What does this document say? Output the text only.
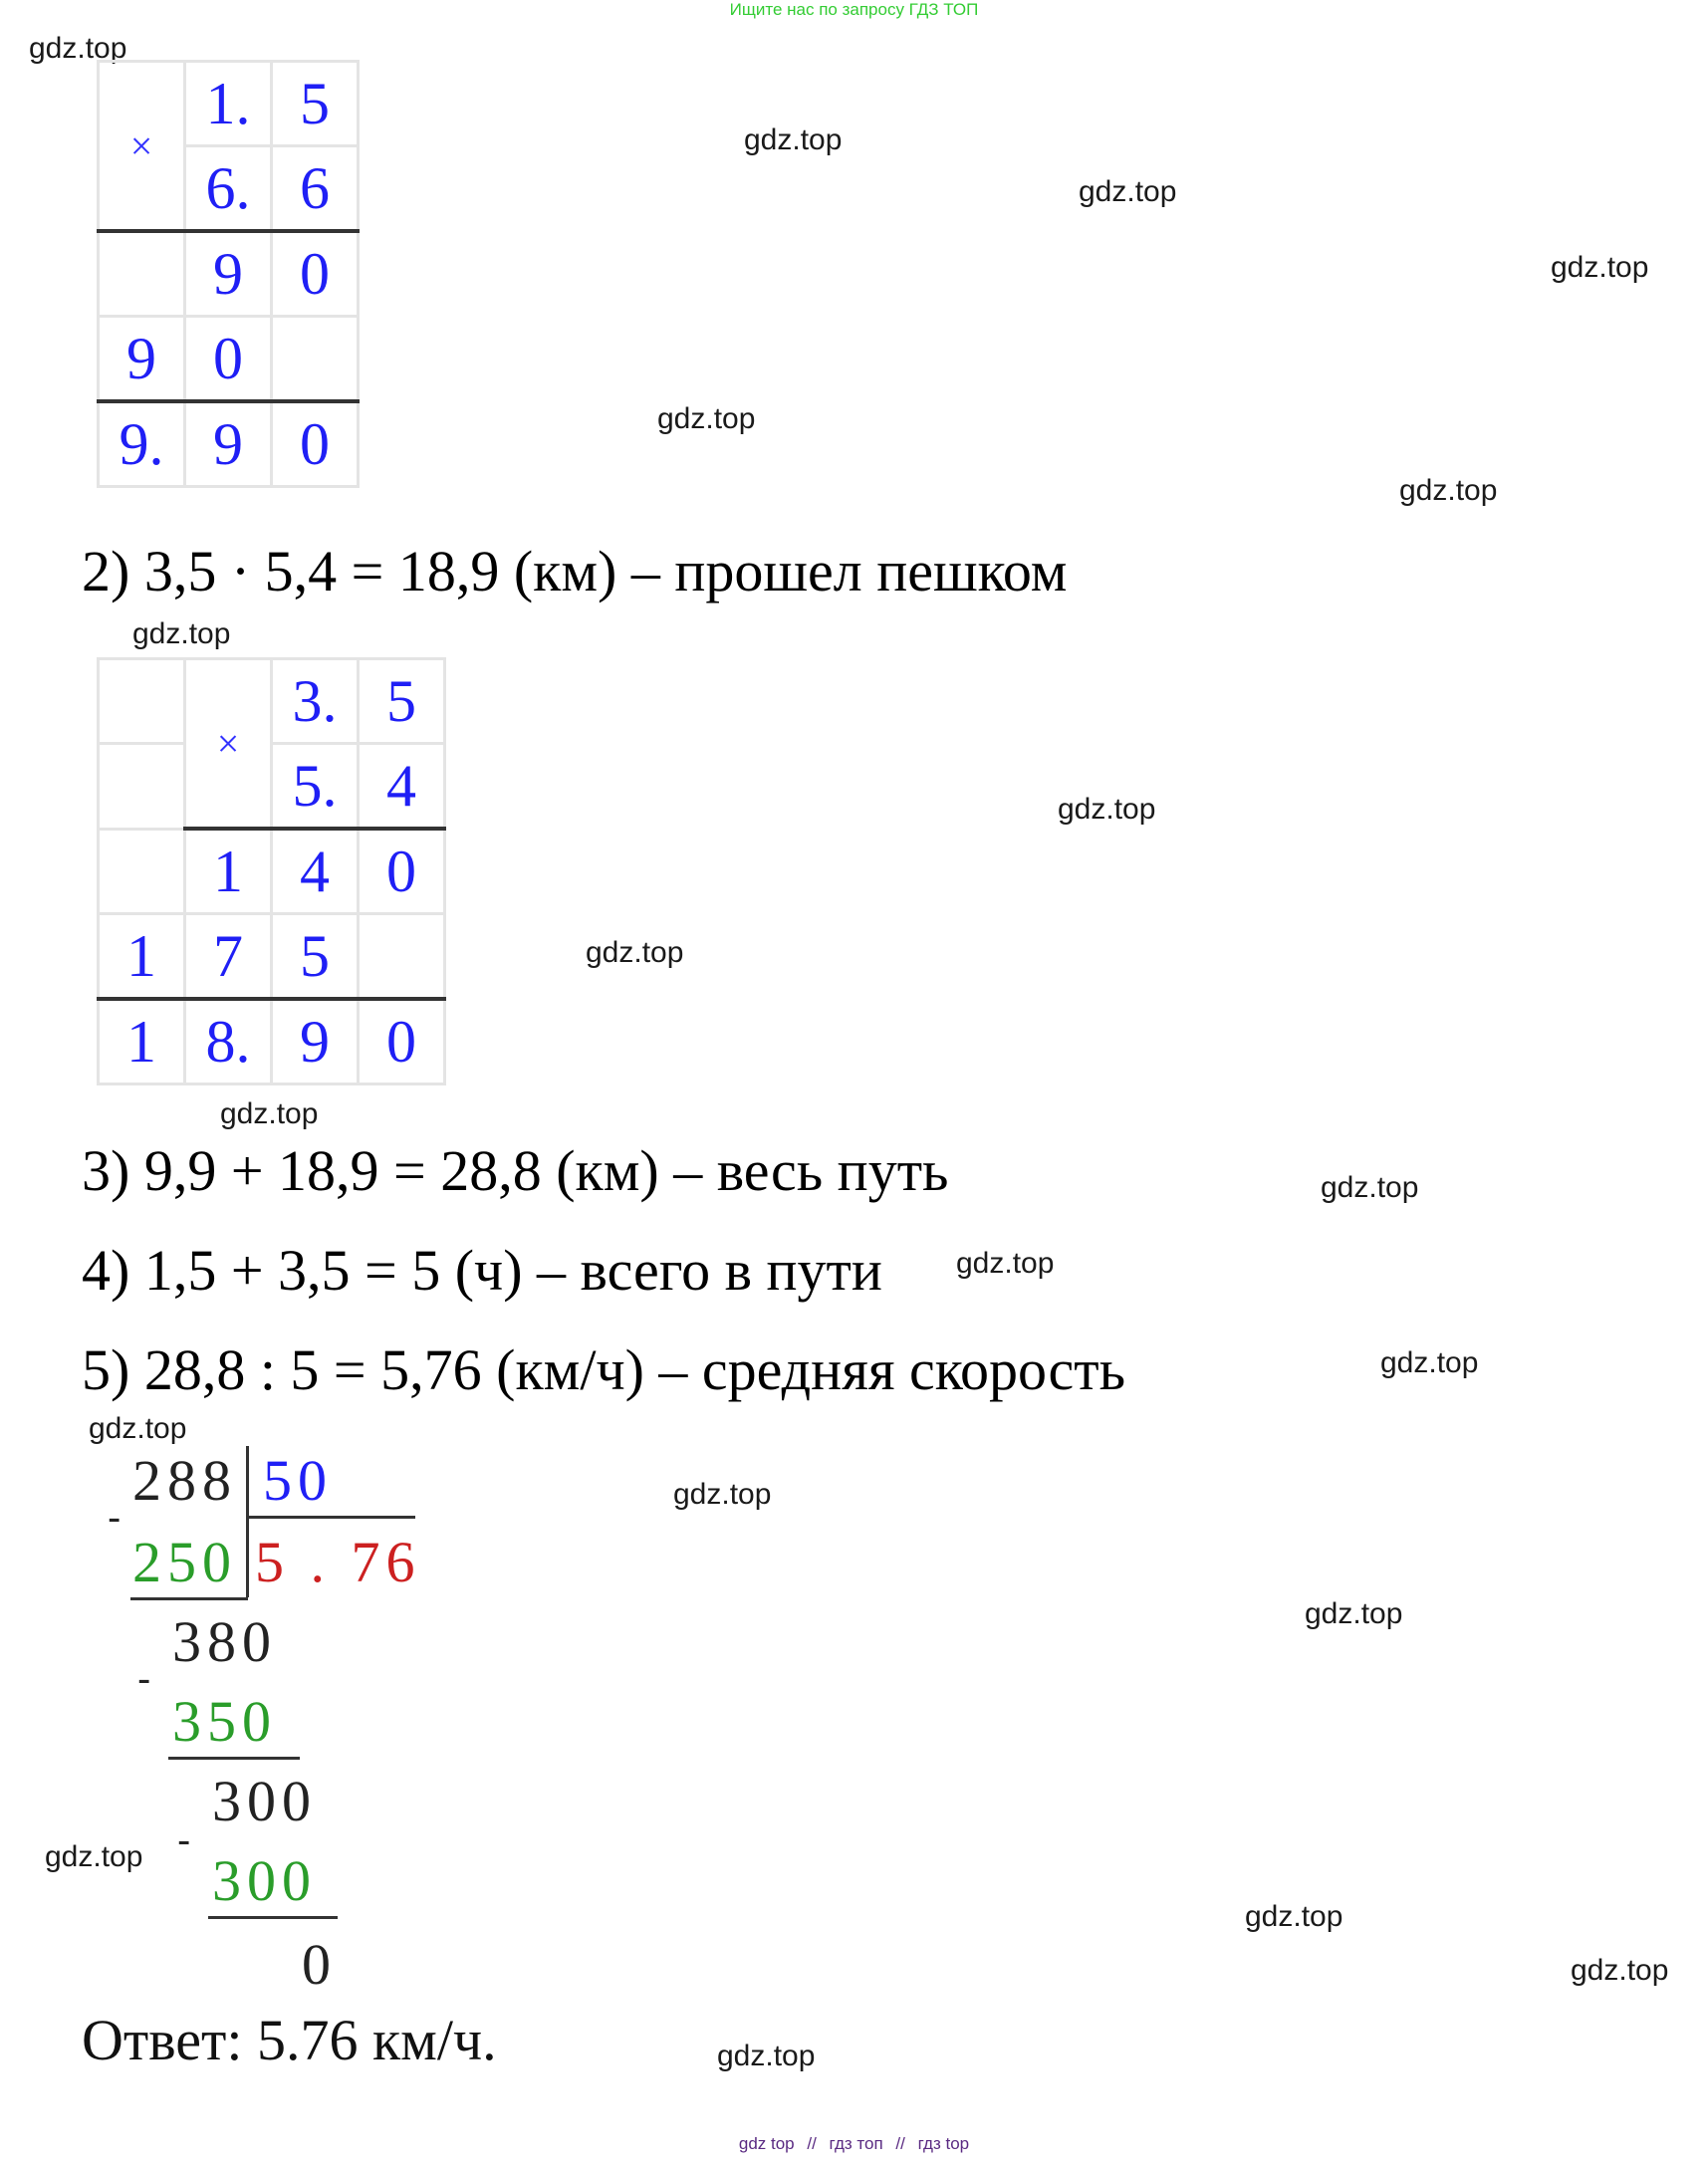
Ищите нас по запросу ГДЗ ТОП
gdz.top
gdz.top
gdz.top
gdz.top
gdz.top
gdz.top
gdz.top
gdz.top
gdz.top
gdz.top
gdz.top
gdz.top
gdz.top
gdz.top
gdz.top
gdz.top
gdz.top
gdz.top
gdz.top
gdz.top
×	1.	5
	6.	6
	9	0
9	0	
9.	9	0
2) 3,5 · 5,4 = 18,9 (км) – прошел пешком
	×	3.	5
		5.	4
	1	4	0
1	7	5	
1	8.	9	0
3) 9,9 + 18,9 = 28,8 (км) – весь путь
4) 1,5 + 3,5 = 5 (ч) – всего в пути
5) 28,8 : 5 = 5,76 (км/ч) – средняя скорость
288 50
-
250 5 . 76
380
-
350
300
-
300
0
Ответ: 5.76 км/ч.
gdz top // гдз топ // гдз top
